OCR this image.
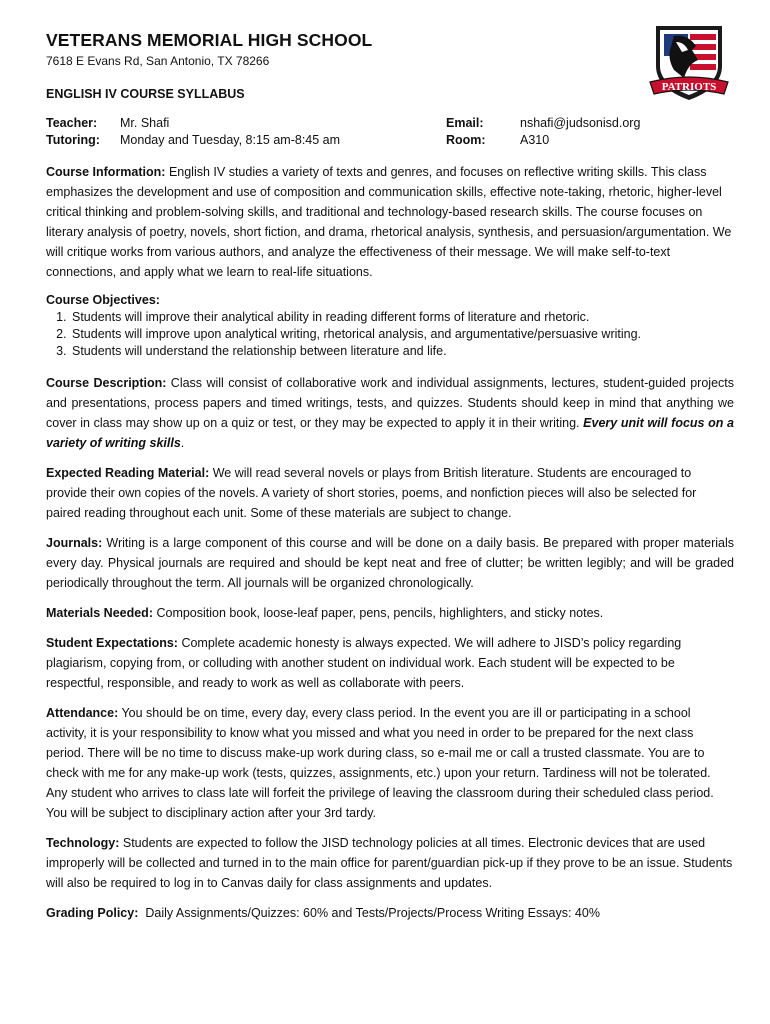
PATRIOTS
VETERANS MEMORIAL HIGH SCHOOL
7618 E Evans Rd, San Antonio, TX 78266
ENGLISH IV COURSE SYLLABUS
Teacher: Mr. Shafi	Email:	nshafi@judsonisd.org
Tutoring: Monday and Tuesday, 8:15 am-8:45 am	Room:	A310

Course Information: English IV studies a variety of texts and genres, and focuses on reflective writing skills. This class emphasizes the development and use of composition and communication skills, effective note-taking, rhetoric, higher-level critical thinking and problem-solving skills, and traditional and technology-based research skills. The course focuses on literary analysis of poetry, novels, short fiction, and drama, rhetorical analysis, synthesis, and persuasion/argumentation. We will critique works from various authors, and analyze the effectiveness of their message. We will make self-to-text connections, and apply what we learn to real-life situations.

Course Objectives:
1. Students will improve their analytical ability in reading different forms of literature and rhetoric.
2. Students will improve upon analytical writing, rhetorical analysis, and argumentative/persuasive writing.
3. Students will understand the relationship between literature and life.

Course Description: Class will consist of collaborative work and individual assignments, lectures, student-guided projects and presentations, process papers and timed writings, tests, and quizzes. Students should keep in mind that anything we cover in class may show up on a quiz or test, or they may be expected to apply it in their writing. Every unit will focus on a variety of writing skills.

Expected Reading Material: We will read several novels or plays from British literature. Students are encouraged to provide their own copies of the novels. A variety of short stories, poems, and nonfiction pieces will also be selected for paired reading throughout each unit. Some of these materials are subject to change.

Journals: Writing is a large component of this course and will be done on a daily basis. Be prepared with proper materials every day. Physical journals are required and should be kept neat and free of clutter; be written legibly; and will be graded periodically throughout the term. All journals will be organized chronologically.

Materials Needed: Composition book, loose-leaf paper, pens, pencils, highlighters, and sticky notes.

Student Expectations: Complete academic honesty is always expected. We will adhere to JISD’s policy regarding plagiarism, copying from, or colluding with another student on individual work. Each student will be expected to be respectful, responsible, and ready to work as well as collaborate with peers.

Attendance: You should be on time, every day, every class period. In the event you are ill or participating in a school activity, it is your responsibility to know what you missed and what you need in order to be prepared for the next class period. There will be no time to discuss make-up work during class, so e-mail me or call a trusted classmate. You are to check with me for any make-up work (tests, quizzes, assignments, etc.) upon your return. Tardiness will not be tolerated. Any student who arrives to class late will forfeit the privilege of leaving the classroom during their scheduled class period. You will be subject to disciplinary action after your 3rd tardy.

Technology: Students are expected to follow the JISD technology policies at all times. Electronic devices that are used improperly will be collected and turned in to the main office for parent/guardian pick-up if they prove to be an issue. Students will also be required to log in to Canvas daily for class assignments and updates.

Grading Policy: Daily Assignments/Quizzes: 60% and Tests/Projects/Process Writing Essays: 40%
